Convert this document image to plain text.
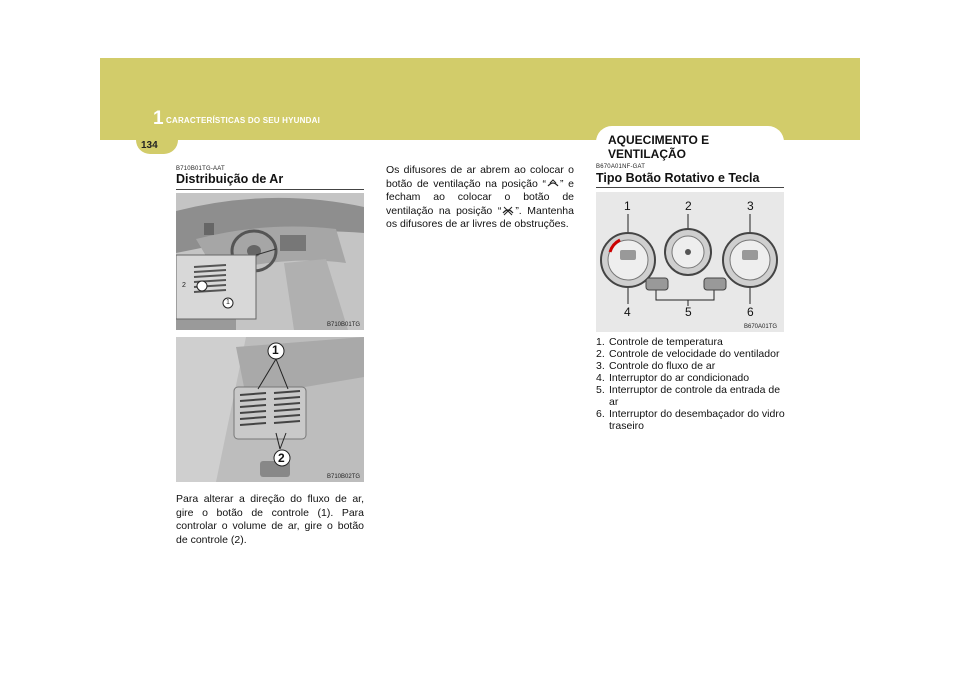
1 CARACTERÍSTICAS DO SEU HYUNDAI
134	AQUECIMENTO E VENTILAÇÃO
B710B01TG-AAT
Distribuição de Ar
2
1
B710B01TG
1
2
B710B02TG
Para alterar a direção do fluxo de ar, gire o botão de controle (1). Para controlar o volume de ar, gire o botão de controle (2).
Os difusores de ar abrem ao colocar o botão de ventilação na posição “ ” e fecham ao colocar o botão de ventilação na posição “ ”. Mantenha os difusores de ar livres de obstruções.
B670A01NF-GAT
Tipo Botão Rotativo e Tecla
1	2	3
4	5	6
B670A01TG
1. Controle de temperatura
2. Controle de velocidade do ventilador
3. Controle do fluxo de ar
4. Interruptor do ar condicionado
5. Interruptor de controle da entrada de ar
6. Interruptor do desembaçador do vidro traseiro
